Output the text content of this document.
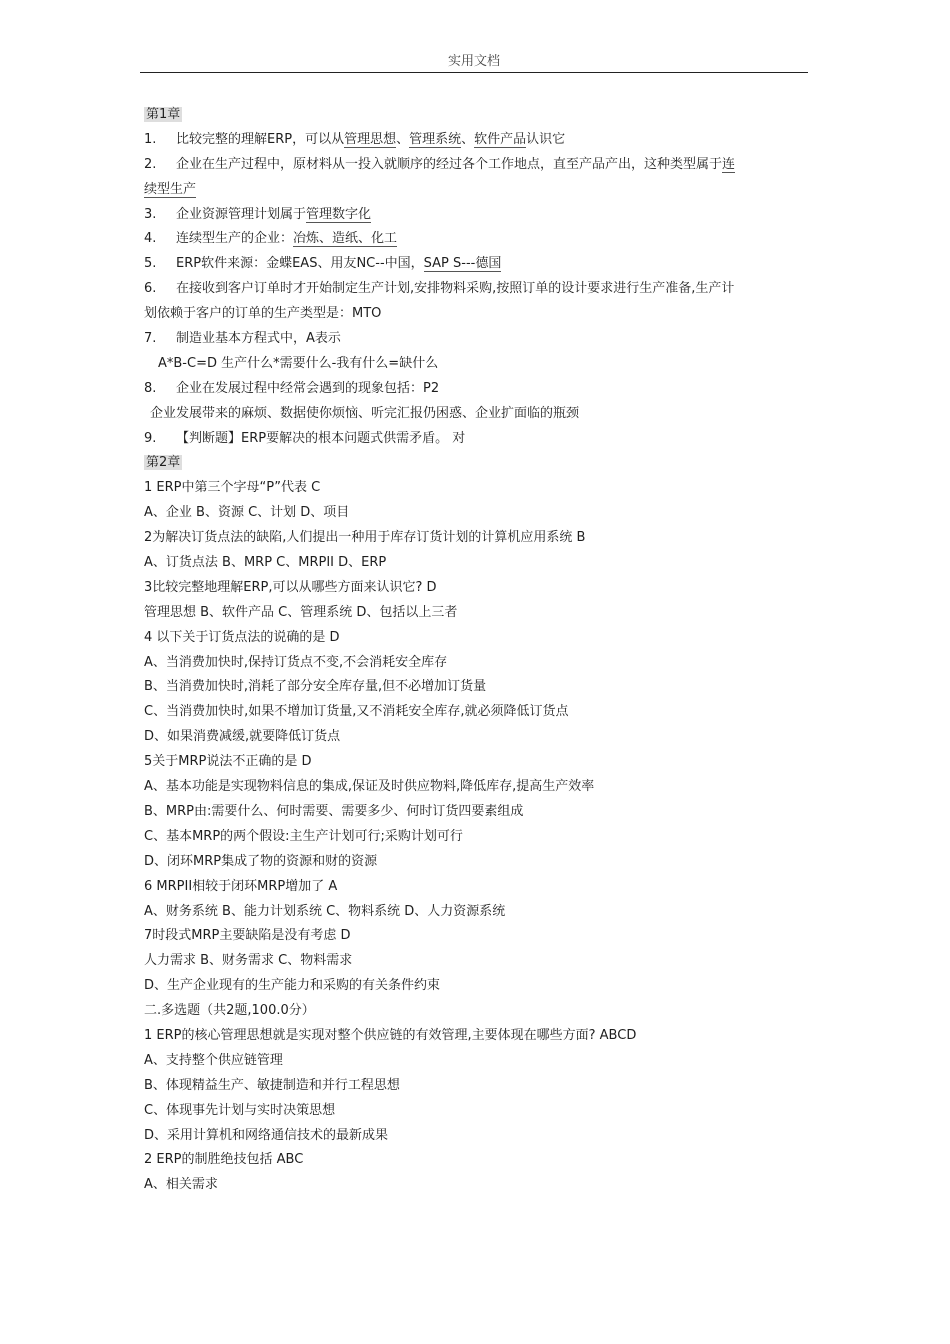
实用文档
第1章
1. 比较完整的理解ERP，可以从管理思想、管理系统、软件产品认识它
2. 企业在生产过程中，原材料从一投入就顺序的经过各个工作地点，直至产品产出，这种类型属于连
续型生产
3. 企业资源管理计划属于管理数字化
4. 连续型生产的企业：冶炼、造纸、化工
5. ERP软件来源：金蝶EAS、用友NC--中国，SAP S---德国
6. 在接收到客户订单时才开始制定生产计划,安排物料采购,按照订单的设计要求进行生产准备,生产计
划依赖于客户的订单的生产类型是：MTO
7. 制造业基本方程式中，A表示
A*B-C=D 生产什么*需要什么-我有什么=缺什么
8. 企业在发展过程中经常会遇到的现象包括：P2
企业发展带来的麻烦、数据使你烦恼、听完汇报仍困惑、企业扩面临的瓶颈
9. 【判断题】ERP要解决的根本问题式供需矛盾。 对
第2章
1 ERP中第三个字母“P”代表 C
A、企业 B、资源 C、计划 D、项目
2为解决订货点法的缺陷,人们提出一种用于库存订货计划的计算机应用系统 B
A、订货点法 B、MRP C、MRPII D、ERP
3比较完整地理解ERP,可以从哪些方面来认识它? D
管理思想 B、软件产品 C、管理系统 D、包括以上三者
4 以下关于订货点法的说确的是 D
A、当消费加快时,保持订货点不变,不会消耗安全库存
B、当消费加快时,消耗了部分安全库存量,但不必增加订货量
C、当消费加快时,如果不增加订货量,又不消耗安全库存,就必须降低订货点
D、如果消费减缓,就要降低订货点
5关于MRP说法不正确的是 D
A、基本功能是实现物料信息的集成,保证及时供应物料,降低库存,提高生产效率
B、MRP由:需要什么、何时需要、需要多少、何时订货四要素组成
C、基本MRP的两个假设:主生产计划可行;采购计划可行
D、闭环MRP集成了物的资源和财的资源
6 MRPII相较于闭环MRP增加了 A
A、财务系统 B、能力计划系统 C、物料系统 D、人力资源系统
7时段式MRP主要缺陷是没有考虑 D
人力需求 B、财务需求 C、物料需求
D、生产企业现有的生产能力和采购的有关条件约束
二.多选题（共2题,100.0分）
1 ERP的核心管理思想就是实现对整个供应链的有效管理,主要体现在哪些方面? ABCD
A、支持整个供应链管理
B、体现精益生产、敏捷制造和并行工程思想
C、体现事先计划与实时决策思想
D、采用计算机和网络通信技术的最新成果
2 ERP的制胜绝技包括 ABC
A、相关需求
